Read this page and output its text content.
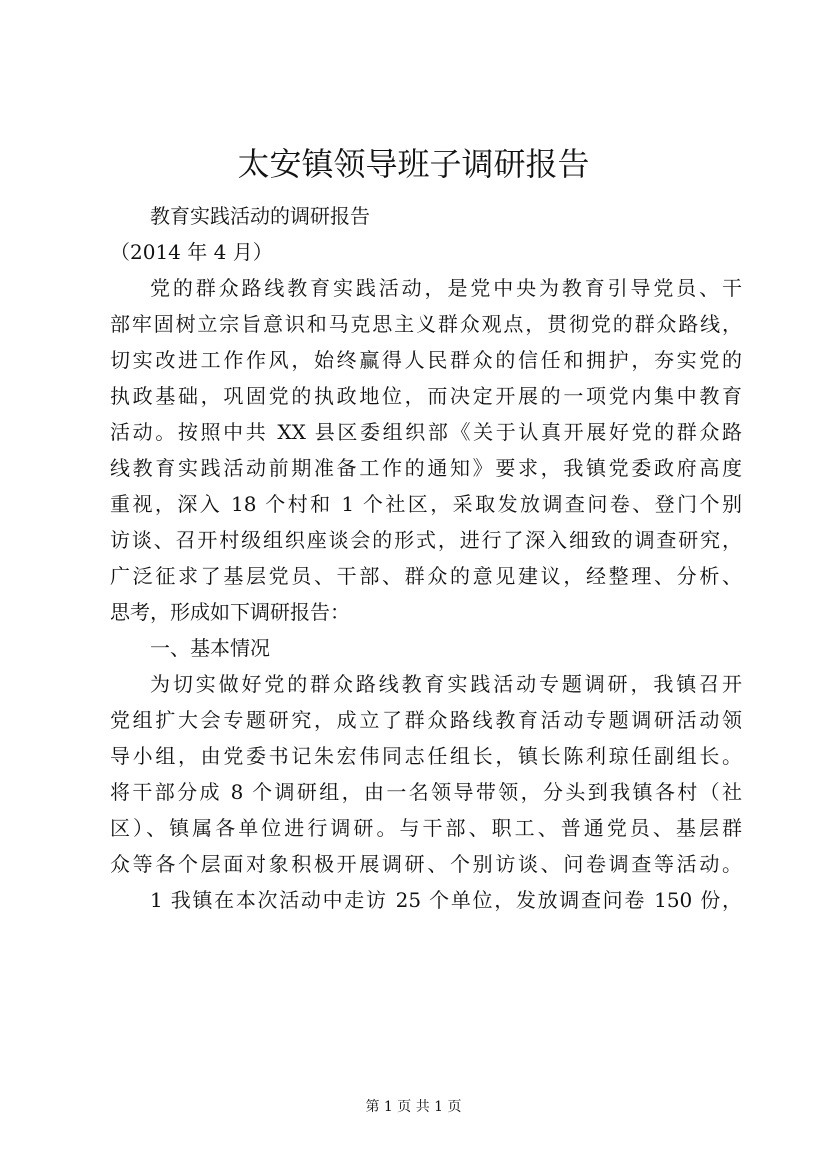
太安镇领导班子调研报告
教育实践活动的调研报告
（2014 年 4 月）
党的群众路线教育实践活动，是党中央为教育引导党员、干
部牢固树立宗旨意识和马克思主义群众观点，贯彻党的群众路线，
切实改进工作作风，始终赢得人民群众的信任和拥护，夯实党的
执政基础，巩固党的执政地位，而决定开展的一项党内集中教育
活动。按照中共 XX 县区委组织部《关于认真开展好党的群众路
线教育实践活动前期准备工作的通知》要求，我镇党委政府高度
重视，深入 18 个村和 1 个社区，采取发放调查问卷、登门个别
访谈、召开村级组织座谈会的形式，进行了深入细致的调查研究，
广泛征求了基层党员、干部、群众的意见建议，经整理、分析、
思考，形成如下调研报告：
一、基本情况
为切实做好党的群众路线教育实践活动专题调研，我镇召开
党组扩大会专题研究，成立了群众路线教育活动专题调研活动领
导小组，由党委书记朱宏伟同志任组长，镇长陈利琼任副组长。
将干部分成 8 个调研组，由一名领导带领，分头到我镇各村（社
区）、镇属各单位进行调研。与干部、职工、普通党员、基层群
众等各个层面对象积极开展调研、个别访谈、问卷调查等活动。
1 我镇在本次活动中走访 25 个单位，发放调查问卷 150 份，
第 1 页 共 1 页
